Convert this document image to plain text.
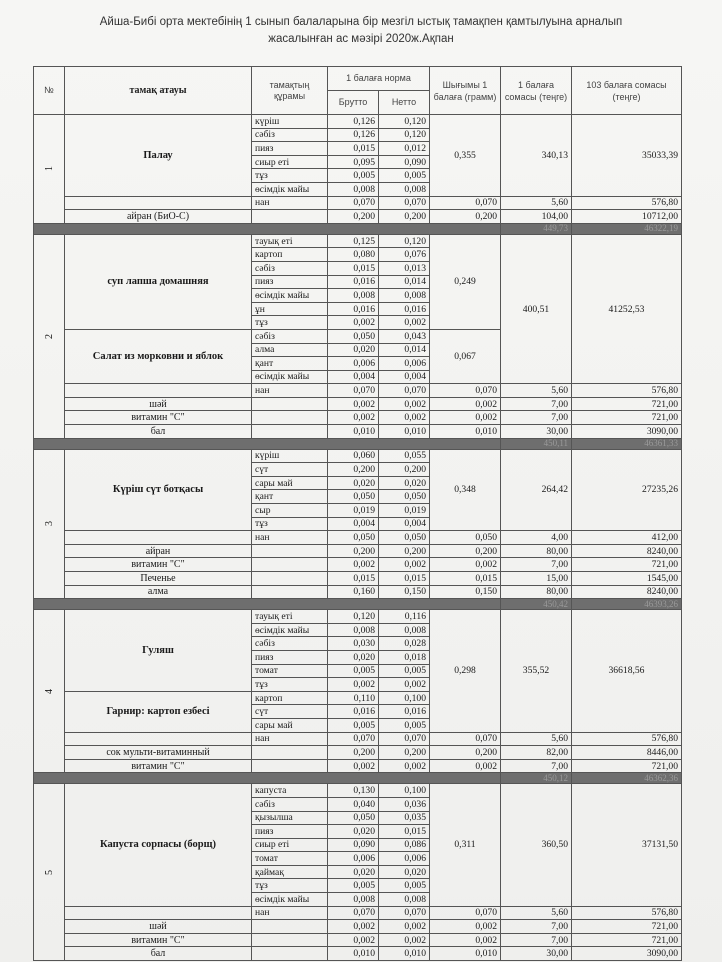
Айша-Бибі орта мектебінің 1 сынып балаларына бір мезгіл ыстық тамақпен қамтылуына арналып
жасалынған ас мәзірі 2020ж.Ақпан
№	тамақ атауы	тамақтың құрамы	1 балаға норма		Шығымы 1 балаға (грамм)	1 балаға сомасы (теңге)	103 балаға сомасы (теңге)
			Брутто	Нетто			
1	Палау	күріш	0,126	0,120	0,355	340,13	35033,39
		сәбіз	0,126	0,120			
		пияз	0,015	0,012			
		сиыр еті	0,095	0,090			
		тұз	0,005	0,005			
		өсімдік майы	0,008	0,008			
		нан	0,070	0,070	0,070	5,60	576,80
	айран (БиО-С)		0,200	0,200	0,200	104,00	10712,00
						449,73	46322,19
2	суп лапша домашняя	тауық еті	0,125	0,120	0,249	400,51	41252,53
		картоп	0,080	0,076			
		сәбіз	0,015	0,013			
		пияз	0,016	0,014			
		өсімдік майы	0,008	0,008			
		ұн	0,016	0,016			
		тұз	0,002	0,002			
	Салат из морковни и яблок	сәбіз	0,050	0,043	0,067		
		алма	0,020	0,014			
		қант	0,006	0,006			
		өсімдік майы	0,004	0,004			
		нан	0,070	0,070	0,070	5,60	576,80
	шәй		0,002	0,002	0,002	7,00	721,00
	витамин "С"		0,002	0,002	0,002	7,00	721,00
	бал		0,010	0,010	0,010	30,00	3090,00
						450,11	46361,33
3	Күріш сүт ботқасы	күріш	0,060	0,055	0,348	264,42	27235,26
		сүт	0,200	0,200			
		сары май	0,020	0,020			
		қант	0,050	0,050			
		сыр	0,019	0,019			
		тұз	0,004	0,004			
		нан	0,050	0,050	0,050	4,00	412,00
	айран		0,200	0,200	0,200	80,00	8240,00
	витамин "С"		0,002	0,002	0,002	7,00	721,00
	Печенье		0,015	0,015	0,015	15,00	1545,00
	алма		0,160	0,150	0,150	80,00	8240,00
						450,42	46393,26
4	Гуляш	тауық еті	0,120	0,116	0,298	355,52	36618,56
		өсімдік майы	0,008	0,008			
		сәбіз	0,030	0,028			
		пияз	0,020	0,018			
		томат	0,005	0,005			
		тұз	0,002	0,002			
	Гарнир: картоп езбесі	картоп	0,110	0,100			
		сүт	0,016	0,016			
		сары май	0,005	0,005			
		нан	0,070	0,070	0,070	5,60	576,80
	сок мульти-витаминный		0,200	0,200	0,200	82,00	8446,00
	витамин "С"		0,002	0,002	0,002	7,00	721,00
						450,12	46362,36
5	Капуста сорпасы (борщ)	капуста	0,130	0,100	0,311	360,50	37131,50
		сәбіз	0,040	0,036			
		қызылша	0,050	0,035			
		пияз	0,020	0,015			
		сиыр еті	0,090	0,086			
		томат	0,006	0,006			
		қаймақ	0,020	0,020			
		тұз	0,005	0,005			
		өсімдік майы	0,008	0,008			
		нан	0,070	0,070	0,070	5,60	576,80
	шәй		0,002	0,002	0,002	7,00	721,00
	витамин "С"		0,002	0,002	0,002	7,00	721,00
	бал		0,010	0,010	0,010	30,00	3090,00
